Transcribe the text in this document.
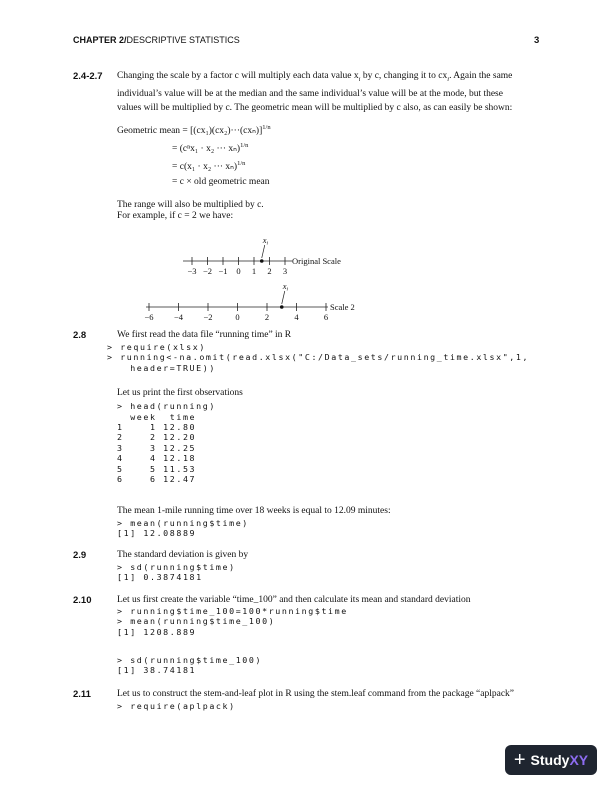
CHAPTER 2/DESCRIPTIVE STATISTICS	3
2.4-2.7 Changing the scale by a factor c will multiply each data value $x_i$ by c, changing it to $cx_i$. Again the same
individual’s value will be at the median and the same individual’s value will be at the mode, but these
values will be multiplied by c. The geometric mean will be multiplied by c also, as can easily be shown:
Geometric mean = $[(cx_1)(cx_2)\cdot\cdot\cdot(cx_n)]^{1/n}$
= (cⁿx₁ · x₂ ··· xₙ)$^{1/n}$
= c(x₁ · x₂ ··· xₙ)$^{1/n}$
= c × old geometric mean
The range will also be multiplied by c.
For example, if c = 2 we have:
−3 −2 −1 0 1 2 3
Original Scale
xi
−6 −4 −2	0	2	4	6
Scale 2
xi
2.8	We first read the data file “running time” in R
> require(xlsx)
> running<-na.omit(read.xlsx("C:/Data_sets/running_time.xlsx",1,
header=TRUE))
Let us print the first observations
> head(running)
week  time
1    1 12.80
2    2 12.20
3    3 12.25
4    4 12.18
5    5 11.53
6    6 12.47
The mean 1-mile running time over 18 weeks is equal to 12.09 minutes:
> mean(running$time)
[1] 12.08889
2.9	The standard deviation is given by
> sd(running$time)
[1] 0.3874181
2.10	Let us first create the variable “time_100” and then calculate its mean and standard deviation
> running$time_100=100*running$time
> mean(running$time_100)
[1] 1208.889
> sd(running$time_100)
[1] 38.74181
2.11	Let us to construct the stem-and-leaf plot in R using the stem.leaf command from the package “aplpack”
> require(aplpack)
+ Study XY
